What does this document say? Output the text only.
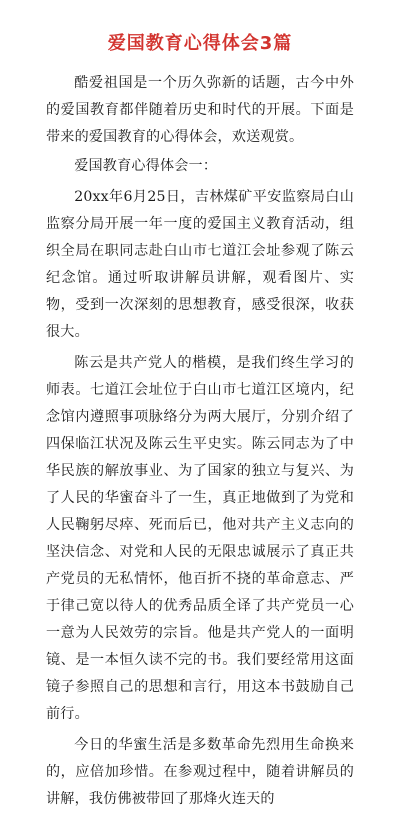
爱国教育心得体会3篇

酷爱祖国是一个历久弥新的话题，古今中外的爱国教育都伴随着历史和时代的开展。下面是带来的爱国教育的心得体会，欢送观赏。

爱国教育心得体会一：

20xx年6月25日，吉林煤矿平安监察局白山监察分局开展一年一度的爱国主义教育活动，组织全局在职同志赴白山市七道江会址参观了陈云纪念馆。通过听取讲解员讲解，观看图片、实物，受到一次深刻的思想教育，感受很深，收获很大。

陈云是共产党人的楷模，是我们终生学习的师表。七道江会址位于白山市七道江区境内，纪念馆内遵照事项脉络分为两大展厅，分别介绍了四保临江状况及陈云生平史实。陈云同志为了中华民族的解放事业、为了国家的独立与复兴、为了人民的华蜜奋斗了一生，真正地做到了为党和人民鞠躬尽瘁、死而后已，他对共产主义志向的坚決信念、对党和人民的无限忠诚展示了真正共产党员的无私情怀，他百折不挠的革命意志、严于律己宽以待人的优秀品质全译了共产党员一心一意为人民效劳的宗旨。他是共产党人的一面明镜、是一本恒久读不完的书。我们要经常用这面镜子参照自己的思想和言行，用这本书鼓励自己前行。

今日的华蜜生活是多数革命先烈用生命换来的，应倍加珍惜。在参观过程中，随着讲解员的讲解，我仿佛被带回了那烽火连天的
